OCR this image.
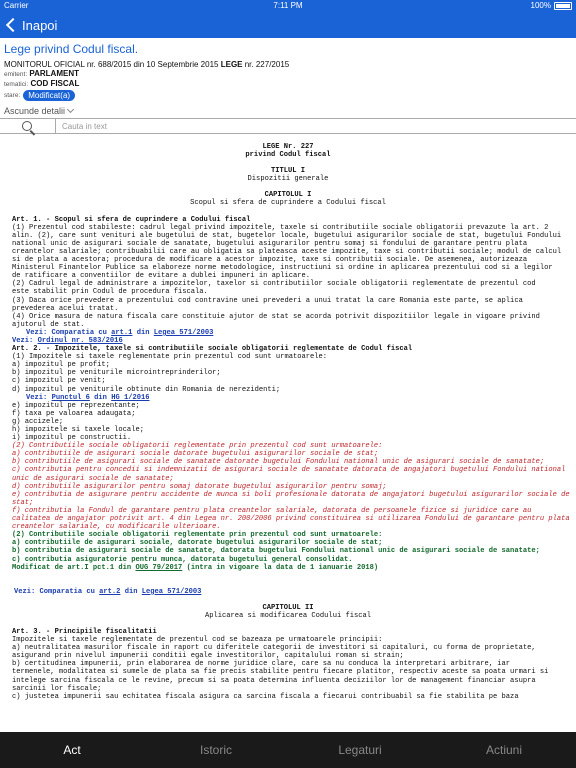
Carrier	7:11 PM	100%
Inapoi
Lege privind Codul fiscal.
MONITORUL OFICIAL nr. 688/2015 din 10 Septembrie 2015 LEGE nr. 227/2015
emitent: PARLAMENT
tematici: COD FISCAL
stare:	Modificat(a)
Ascunde detalii
Cauta in text
LEGE Nr. 227
privind Codul fiscal
TITLUL I
Dispozitii generale
CAPITOLUL I
Scopul si sfera de cuprindere a Codului fiscal
Art. 1. - Scopul si sfera de cuprindere a Codului fiscal
(1) Prezentul cod stabileste: cadrul legal privind impozitele, taxele si contributiile sociale obligatorii prevazute la art. 2
alin. (2), care sunt venituri ale bugetului de stat, bugetelor locale, bugetului asigurarilor sociale de stat, bugetului Fondului
national unic de asigurari sociale de sanatate, bugetului asigurarilor pentru somaj si fondului de garantare pentru plata
creantelor salariale; contribuabilii care au obligatia sa plateasca aceste impozite, taxe si contributii sociale; modul de calcul
si de plata a acestora; procedura de modificare a acestor impozite, taxe si contributii sociale. De asemenea, autorizeaza
Ministerul Finantelor Publice sa elaboreze norme metodologice, instructiuni si ordine in aplicarea prezentului cod si a legilor
de ratificare a conventiilor de evitare a dublei impuneri in aplicare.
(2) Cadrul legal de administrare a impozitelor, taxelor si contributiilor sociale obligatorii reglementate de prezentul cod
este stabilit prin Codul de procedura fiscala.
(3) Daca orice prevedere a prezentului cod contravine unei prevederi a unui tratat la care Romania este parte, se aplica
prevederea acelui tratat.
(4) Orice masura de natura fiscala care constituie ajutor de stat se acorda potrivit dispozitiilor legale in vigoare privind
ajutorul de stat.
Vezi: Comparatia cu art.1 din Legea 571/2003
Vezi: Ordinul nr. 583/2016
Art. 2. - Impozitele, taxele si contributiile sociale obligatorii reglementate de Codul fiscal
(1) Impozitele si taxele reglementate prin prezentul cod sunt urmatoarele:
a) impozitul pe profit;
b) impozitul pe veniturile microintreprinderilor;
c) impozitul pe venit;
d) impozitul pe veniturile obtinute din Romania de nerezidenti;
Vezi: Punctul 6 din HG 1/2016
e) impozitul pe reprezentante;
f) taxa pe valoarea adaugata;
g) accizele;
h) impozitele si taxele locale;
i) impozitul pe constructii.
(2) Contributiile sociale obligatorii reglementate prin prezentul cod sunt urmatoarele:
a) contributiile de asigurari sociale datorate bugetului asigurarilor sociale de stat;
b) contributiile de asigurari sociale de sanatate datorate bugetului Fondului national unic de asigurari sociale de sanatate;
c) contributia pentru concedii si indemnizatii de asigurari sociale de sanatate datorata de angajatori bugetului Fondului national unic de asigurari sociale de sanatate;
d) contributiile asigurarilor pentru somaj datorate bugetului asigurarilor pentru somaj;
e) contributia de asigurare pentru accidente de munca si boli profesionale datorata de angajatori bugetului asigurarilor sociale de stat;
f) contributia la Fondul de garantare pentru plata creantelor salariale, datorata de persoanele fizice si juridice care au calitatea de angajator potrivit art. 4 din Legea nr. 200/2006 privind constituirea si utilizarea Fondului de garantare pentru plata creantelor salariale, cu modificarile ulterioare.
(2) Contributiile sociale obligatorii reglementate prin prezentul cod sunt urmatoarele:
a) contributiile de asigurari sociale, datorate bugetului asigurarilor sociale de stat;
b) contributia de asigurari sociale de sanatate, datorata bugetului Fondului national unic de asigurari sociale de sanatate;
c) contributia asiguratorie pentru munca, datorata bugetului general consolidat.
Modificat de art.I pct.1 din OUG 79/2017 (intra in vigoare la data de 1 ianuarie 2018)
Vezi: Comparatia cu art.2 din Legea 571/2003
CAPITOLUL II
Aplicarea si modificarea Codului fiscal
Art. 3. - Principiile fiscalitatii
Impozitele si taxele reglementate de prezentul cod se bazeaza pe urmatoarele principii:
a) neutralitatea masurilor fiscale in raport cu diferitele categorii de investitori si capitaluri, cu forma de proprietate,
asigurand prin nivelul impunerii conditii egale investitorilor, capitalului roman si strain;
b) certitudinea impunerii, prin elaborarea de norme juridice clare, care sa nu conduca la interpretari arbitrare, iar
termenele, modalitatea si sumele de plata sa fie precis stabilite pentru fiecare platitor, respectiv aceste sa poata urmari si
intelege sarcina fiscala ce le revine, precum si sa poata determina influenta deciziilor lor de management financiar asupra
sarcinii lor fiscale;
c) justetea impunerii sau echitatea fiscala asigura ca sarcina fiscala a fiecarui contribuabil sa fie stabilita pe baza
Act	Istoric	Legaturi	Actiuni
